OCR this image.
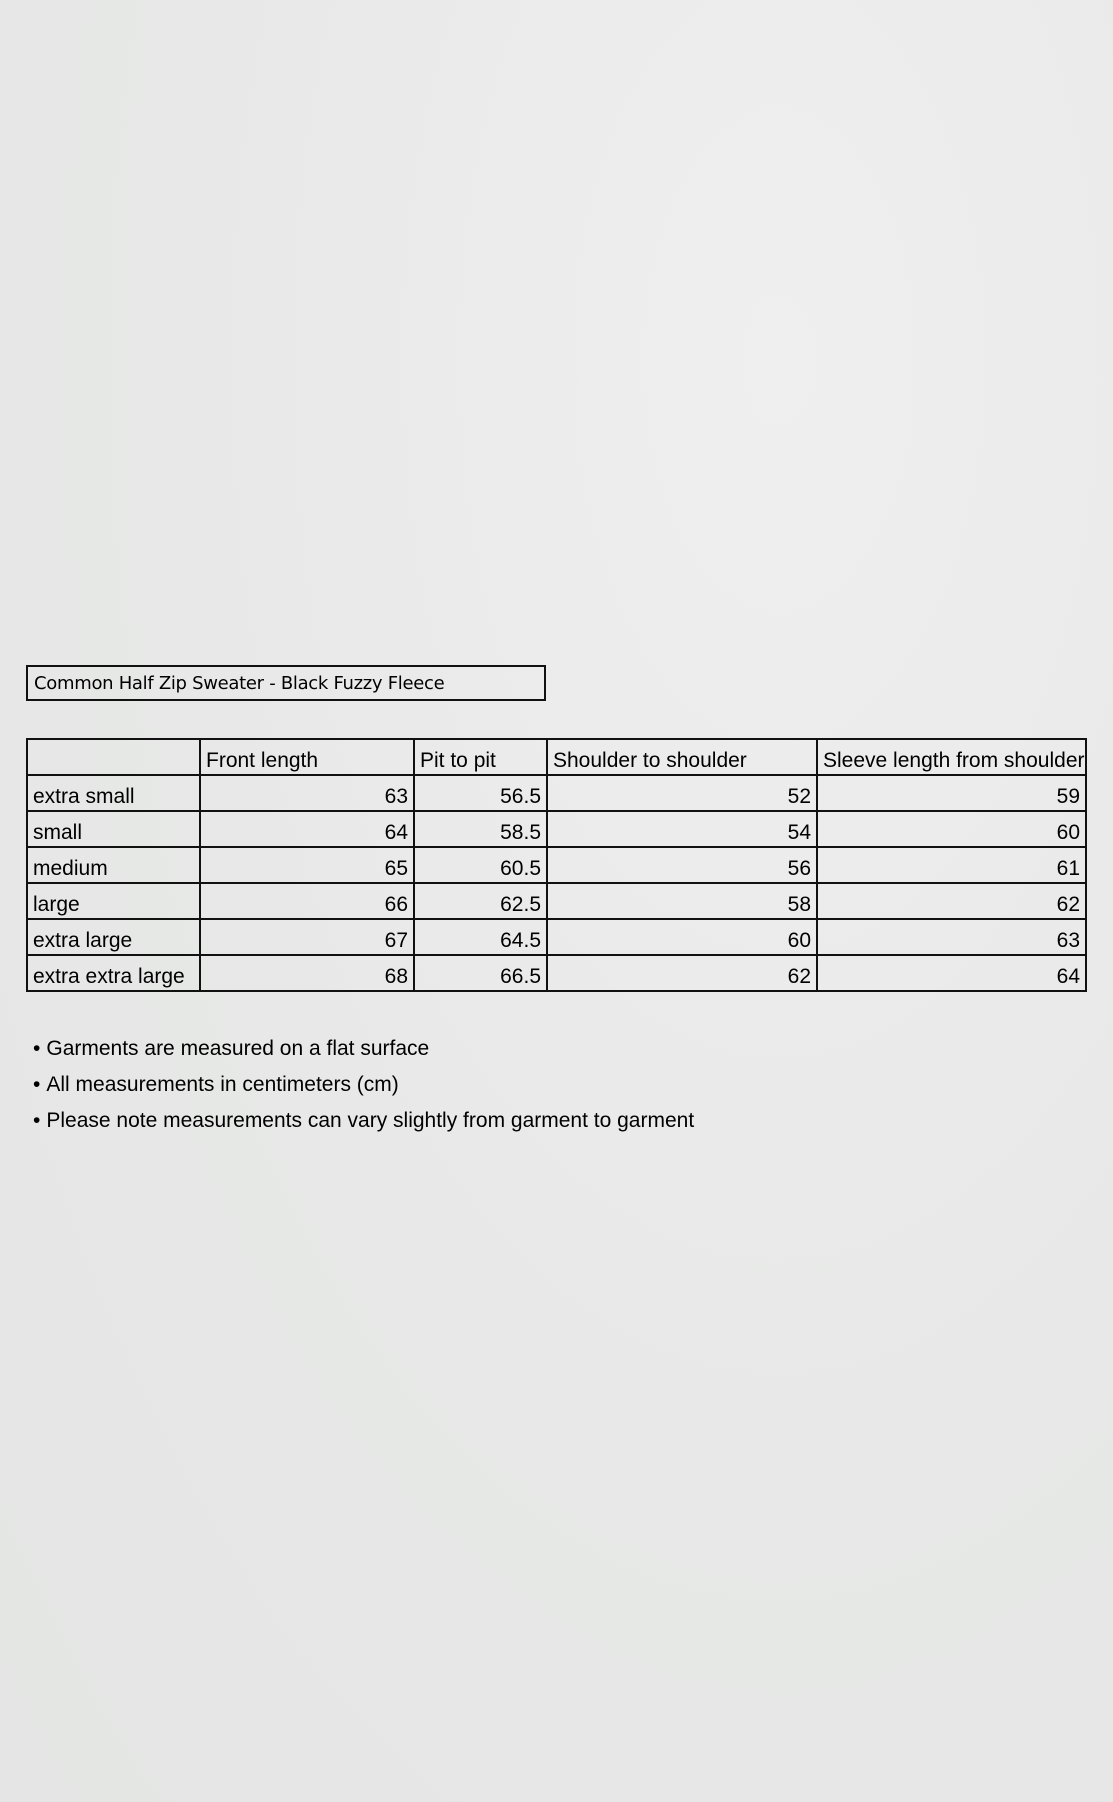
Common Half Zip Sweater - Black Fuzzy Fleece
	Front length	Pit to pit	Shoulder to shoulder	Sleeve length from shoulder
extra small	63	56.5	52	59
small	64	58.5	54	60
medium	65	60.5	56	61
large	66	62.5	58	62
extra large	67	64.5	60	63
extra extra large	68	66.5	62	64
• Garments are measured on a flat surface
• All measurements in centimeters (cm)
• Please note measurements can vary slightly from garment to garment
